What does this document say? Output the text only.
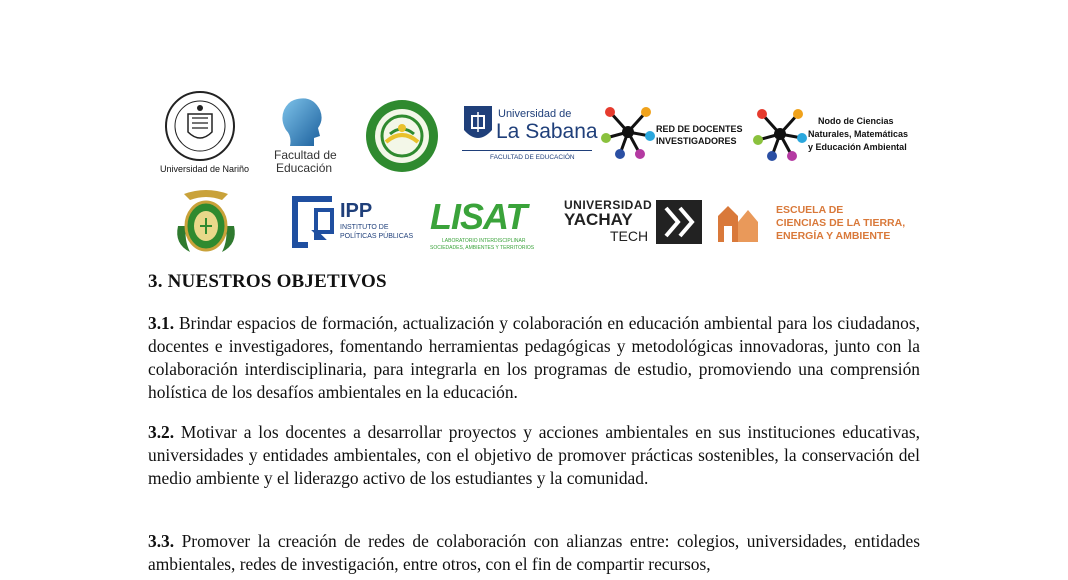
Universidad de Nariño
Facultad de
Educación
Universidad de
La Sabana
FACULTAD DE EDUCACIÓN
RED DE DOCENTES
INVESTIGADORES
Nodo de Ciencias
Naturales, Matemáticas
y Educación Ambiental
IPP
INSTITUTO DE
POLÍTICAS PÚBLICAS LISAT
LABORATORIO INTERDISCIPLINAR
SOCIEDADES, AMBIENTES Y TERRITORIOS
UNIVERSIDAD
YACHAY
TECH
ESCUELA DE
CIENCIAS DE LA TIERRA,
ENERGÍA Y AMBIENTE
3. NUESTROS OBJETIVOS

3.1. Brindar espacios de formación, actualización y colaboración en educación ambiental para los ciudadanos, docentes e investigadores, fomentando herramientas pedagógicas y metodológicas innovadoras, junto con la colaboración interdisciplinaria, para integrarla en los programas de estudio, promoviendo una comprensión holística de los desafíos ambientales en la educación.

3.2. Motivar a los docentes a desarrollar proyectos y acciones ambientales en sus instituciones educativas, universidades y entidades ambientales, con el objetivo de promover prácticas sostenibles, la conservación del medio ambiente y el liderazgo activo de los estudiantes y la comunidad.

3.3. Promover la creación de redes de colaboración con alianzas entre: colegios, universidades, entidades ambientales, redes de investigación, entre otros, con el fin de compartir recursos,
